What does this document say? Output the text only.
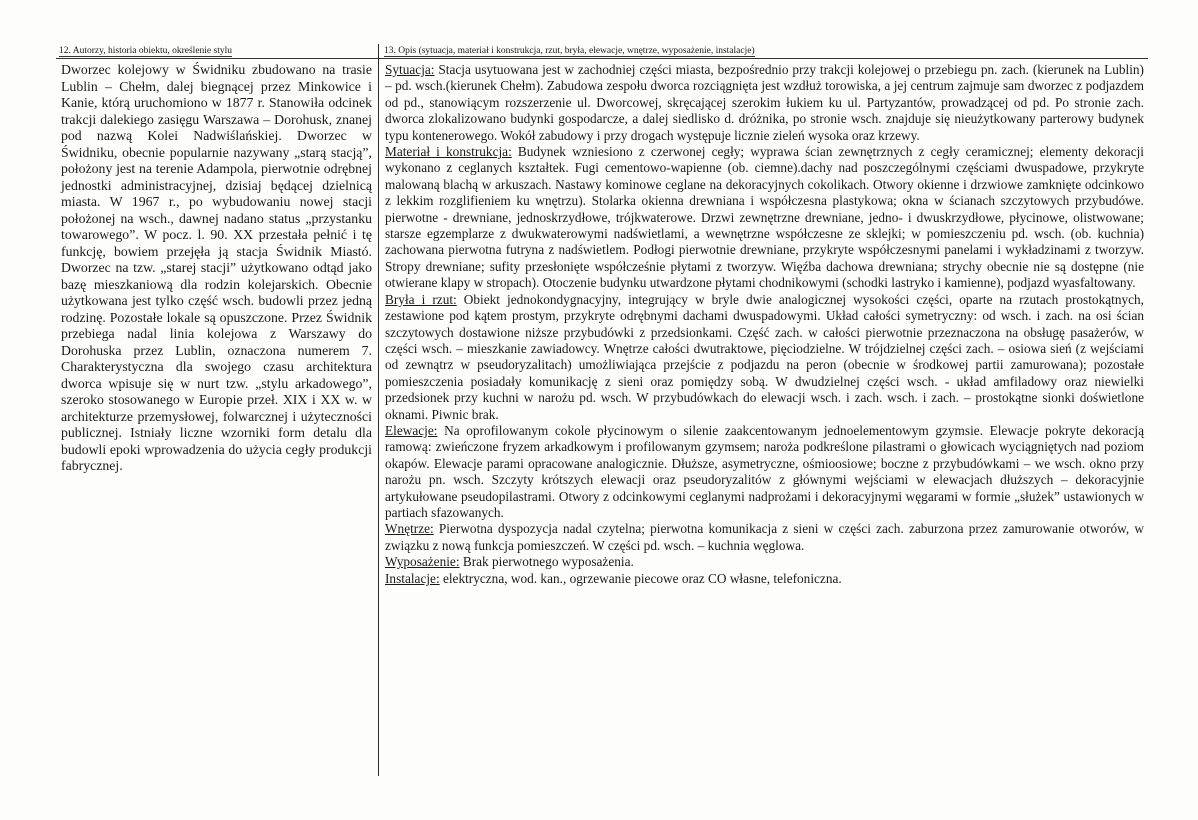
12. Autorzy, historia obiektu, określenie stylu	13. Opis (sytuacja, materiał i konstrukcja, rzut, bryła, elewacje, wnętrze, wyposażenie, instalacje)
Dworzec kolejowy w Świdniku zbudowano na trasie Lublin – Chełm, dalej biegnącej przez Minkowice i Kanie, którą uruchomiono w 1877 r. Stanowiła odcinek trakcji dalekiego zasięgu Warszawa – Dorohusk, znanej pod nazwą Kolei Nadwiślańskiej. Dworzec w Świdniku, obecnie popularnie nazywany „starą stacją”, położony jest na terenie Adampola, pierwotnie odrębnej jednostki administracyjnej, dzisiaj będącej dzielnicą miasta. W 1967 r., po wybudowaniu nowej stacji położonej na wsch., dawnej nadano status „przystanku towarowego”. W pocz. l. 90. XX przestała pełnić i tę funkcję, bowiem przejęła ją stacja Świdnik Miastó. Dworzec na tzw. „starej stacji” użytkowano odtąd jako bazę mieszkaniową dla rodzin kolejarskich. Obecnie użytkowana jest tylko część wsch. budowli przez jedną rodzinę. Pozostałe lokale są opuszczone. Przez Świdnik przebiega nadal linia kolejowa z Warszawy do Dorohuska przez Lublin, oznaczona numerem 7. Charakterystyczna dla swojego czasu architektura dworca wpisuje się w nurt tzw. „stylu arkadowego”, szeroko stosowanego w Europie przeł. XIX i XX w. w architekturze przemysłowej, folwarcznej i użyteczności publicznej. Istniały liczne wzorniki form detalu dla budowli epoki wprowadzenia do użycia cegły produkcji fabrycznej.

Sytuacja: Stacja usytuowana jest w zachodniej części miasta, bezpośrednio przy trakcji kolejowej o przebiegu pn. zach. (kierunek na Lublin) – pd. wsch.(kierunek Chełm). Zabudowa zespołu dworca rozciągnięta jest wzdłuż torowiska, a jej centrum zajmuje sam dworzec z podjazdem od pd., stanowiącym rozszerzenie ul. Dworcowej, skręcającej szerokim łukiem ku ul. Partyzantów, prowadzącej od pd. Po stronie zach. dworca zlokalizowano budynki gospodarcze, a dalej siedlisko d. dróżnika, po stronie wsch. znajduje się nieużytkowany parterowy budynek typu kontenerowego. Wokół zabudowy i przy drogach występuje licznie zieleń wysoka oraz krzewy.

Materiał i konstrukcja: Budynek wzniesiono z czerwonej cegły; wyprawa ścian zewnętrznych z cegły ceramicznej; elementy dekoracji wykonano z ceglanych kształtek. Fugi cementowo-wapienne (ob. ciemne).dachy nad poszczególnymi częściami dwuspadowe, przykryte malowaną blachą w arkuszach. Nastawy kominowe ceglane na dekoracyjnych cokolikach. Otwory okienne i drzwiowe zamknięte odcinkowo z lekkim rozglifieniem ku wnętrzu). Stolarka okienna drewniana i współczesna plastykowa; okna w ścianach szczytowych przybudówe. pierwotne - drewniane, jednoskrzydłowe, trójkwaterowe. Drzwi zewnętrzne drewniane, jedno- i dwuskrzydłowe, płycinowe, olistwowane; starsze egzemplarze z dwukwaterowymi nadświetlami, a wewnętrzne współczesne ze sklejki; w pomieszczeniu pd. wsch. (ob. kuchnia) zachowana pierwotna futryna z nadświetlem. Podłogi pierwotnie drewniane, przykryte współczesnymi panelami i wykładzinami z tworzyw. Stropy drewniane; sufity przesłonięte współcześnie płytami z tworzyw. Więźba dachowa drewniana; strychy obecnie nie są dostępne (nie otwierane klapy w stropach). Otoczenie budynku utwardzone płytami chodnikowymi (schodki lastryko i kamienne), podjazd wyasfaltowany.

Bryła i rzut: Obiekt jednokondygnacyjny, integrujący w bryle dwie analogicznej wysokości części, oparte na rzutach prostokątnych, zestawione pod kątem prostym, przykryte odrębnymi dachami dwuspadowymi. Układ całości symetryczny: od wsch. i zach. na osi ścian szczytowych dostawione niższe przybudówki z przedsionkami. Część zach. w całości pierwotnie przeznaczona na obsługę pasażerów, w części wsch. – mieszkanie zawiadowcy. Wnętrze całości dwutraktowe, pięciodzielne. W trójdzielnej części zach. – osiowa sień (z wejściami od zewnątrz w pseudoryzalitach) umożliwiająca przejście z podjazdu na peron (obecnie w środkowej partii zamurowana); pozostałe pomieszczenia posiadały komunikację z sieni oraz pomiędzy sobą. W dwudzielnej części wsch. - układ amfiladowy oraz niewielki przedsionek przy kuchni w narożu pd. wsch. W przybudówkach do elewacji wsch. i zach. wsch. i zach. – prostokątne sionki doświetlone oknami. Piwnic brak.

Elewacje: Na oprofilowanym cokole płycinowym o silenie zaakcentowanym jednoelementowym gzymsie. Elewacje pokryte dekoracją ramową: zwieńczone fryzem arkadkowym i profilowanym gzymsem; naroża podkreślone pilastrami o głowicach wyciągniętych nad poziom okapów. Elewacje parami opracowane analogicznie. Dłuższe, asymetryczne, ośmioosiowe; boczne z przybudówkami – we wsch. okno przy narożu pn. wsch. Szczyty krótszych elewacji oraz pseudoryzalitów z głównymi wejściami w elewacjach dłuższych – dekoracyjnie artykułowane pseudopilastrami. Otwory z odcinkowymi ceglanymi nadprożami i dekoracyjnymi węgarami w formie „służek” ustawionych w partiach sfazowanych.

Wnętrze: Pierwotna dyspozycja nadal czytelna; pierwotna komunikacja z sieni w części zach. zaburzona przez zamurowanie otworów, w związku z nową funkcja pomieszczeń. W części pd. wsch. – kuchnia węglowa.

Wyposażenie: Brak pierwotnego wyposażenia.

Instalacje: elektryczna, wod. kan., ogrzewanie piecowe oraz CO własne, telefoniczna.
